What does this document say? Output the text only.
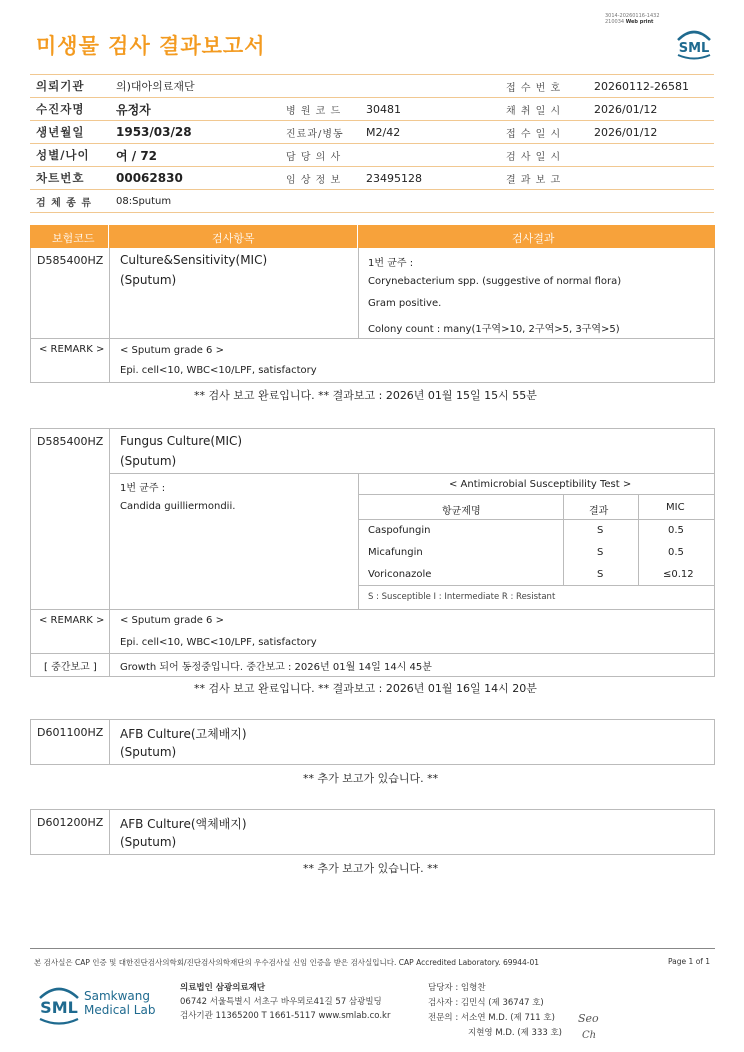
3014-20260116-1432
210034 Web print
미생물 검사 결과보고서	SML
의뢰기관	의)대아의료재단			접 수 번 호	20260112-26581
수진자명	유정자	병 원 코 드	30481	채 취 일 시	2026/01/12
생년월일	1953/03/28	진료과/병동	M2/42	접 수 일 시	2026/01/12
성별/나이	여 / 72	담 당 의 사		검 사 일 시	
차트번호	00062830	임 상 정 보	23495128	결 과 보 고	
검 체 종 류	08:Sputum				
보험코드	검사항목	검사결과
D585400HZ Culture&Sensitivity(MIC)
(Sputum)
1번 균주 :
Corynebacterium spp. (suggestive of normal flora)
Gram positive.
Colony count : many(1구역>10, 2구역>5, 3구역>5)
< REMARK > < Sputum grade 6 >
Epi. cell<10, WBC<10/LPF, satisfactory
** 검사 보고 완료입니다. ** 결과보고 : 2026년 01월 15일 15시 55분
D585400HZ Fungus Culture(MIC)
(Sputum)
1번 균주 :
Candida guilliermondii.
< Antimicrobial Susceptibility Test >
항균제명	결과	MIC
Caspofungin	S	0.5
Micafungin	S	0.5
Voriconazole	S	≤0.12
S : Susceptible I : Intermediate R : Resistant
< REMARK > < Sputum grade 6 >
Epi. cell<10, WBC<10/LPF, satisfactory
[ 중간보고 ] Growth 되어 동정중입니다. 중간보고 : 2026년 01월 14일 14시 45분
** 검사 보고 완료입니다. ** 결과보고 : 2026년 01월 16일 14시 20분
D601100HZ AFB Culture(고체배지)
(Sputum)
** 추가 보고가 있습니다. **
D601200HZ AFB Culture(액체배지)
(Sputum)
** 추가 보고가 있습니다. **
본 검사실은 CAP 인증 및 대한진단검사의학회/진단검사의학재단의 우수검사실 신임 인증을 받은 검사실입니다. CAP Accredited Laboratory. 69944-01	Page 1 of 1
SML
Samkwang
Medical Lab
의료법인 삼광의료재단
06742 서울특별시 서초구 바우뫼로41길 57 삼광빌딩
검사기관 11365200 T 1661-5117 www.smlab.co.kr
담당자 : 임형찬
검사자 : 김민식 (제 36747 호)
전문의 : 서소연 M.D. (제 711 호)
지현영 M.D. (제 333 호)
Seo
Ch
